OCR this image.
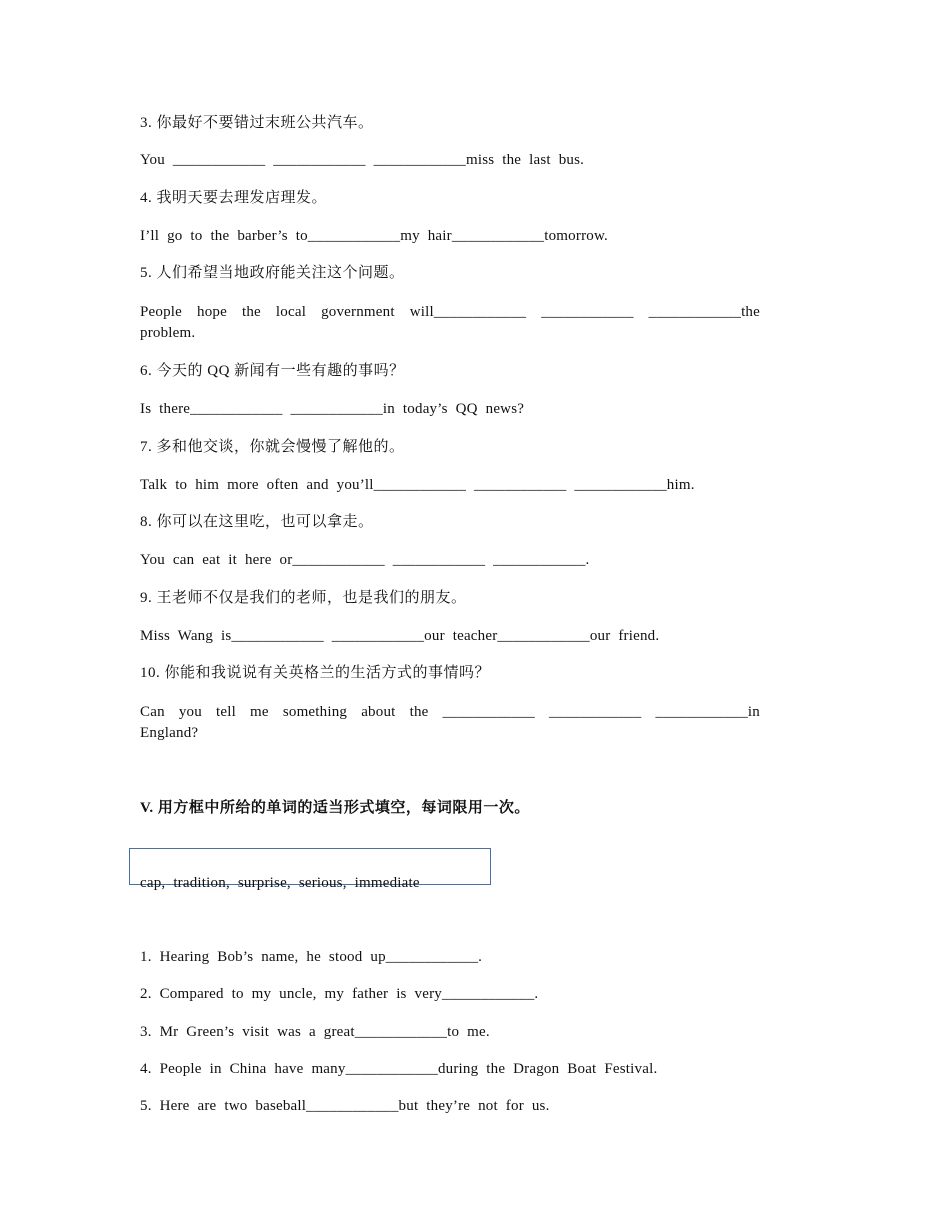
3. 你最好不要错过末班公共汽车。
You ____________ ____________ ____________miss the last bus.
4. 我明天要去理发店理发。
I’ll go to the barber’s to____________my hair____________tomorrow.
5. 人们希望当地政府能关注这个问题。
People hope the local government will____________ ____________ ____________the problem.
6. 今天的 QQ 新闻有一些有趣的事吗？
Is there____________ ____________in today’s QQ news?
7. 多和他交谈，你就会慢慢了解他的。
Talk to him more often and you’ll____________ ____________ ____________him.
8. 你可以在这里吃，也可以拿走。
You can eat it here or____________ ____________ ____________.
9. 王老师不仅是我们的老师，也是我们的朋友。
Miss Wang is____________ ____________our teacher____________our friend.
10. 你能和我说说有关英格兰的生活方式的事情吗？
Can you tell me something about the ____________ ____________ ____________in England?
V. 用方框中所给的单词的适当形式填空，每词限用一次。
cap, tradition, surprise, serious, immediate
1. Hearing Bob’s name, he stood up____________.
2. Compared to my uncle, my father is very____________.
3. Mr Green’s visit was a great____________to me.
4. People in China have many____________during the Dragon Boat Festival.
5. Here are two baseball____________but they’re not for us.
